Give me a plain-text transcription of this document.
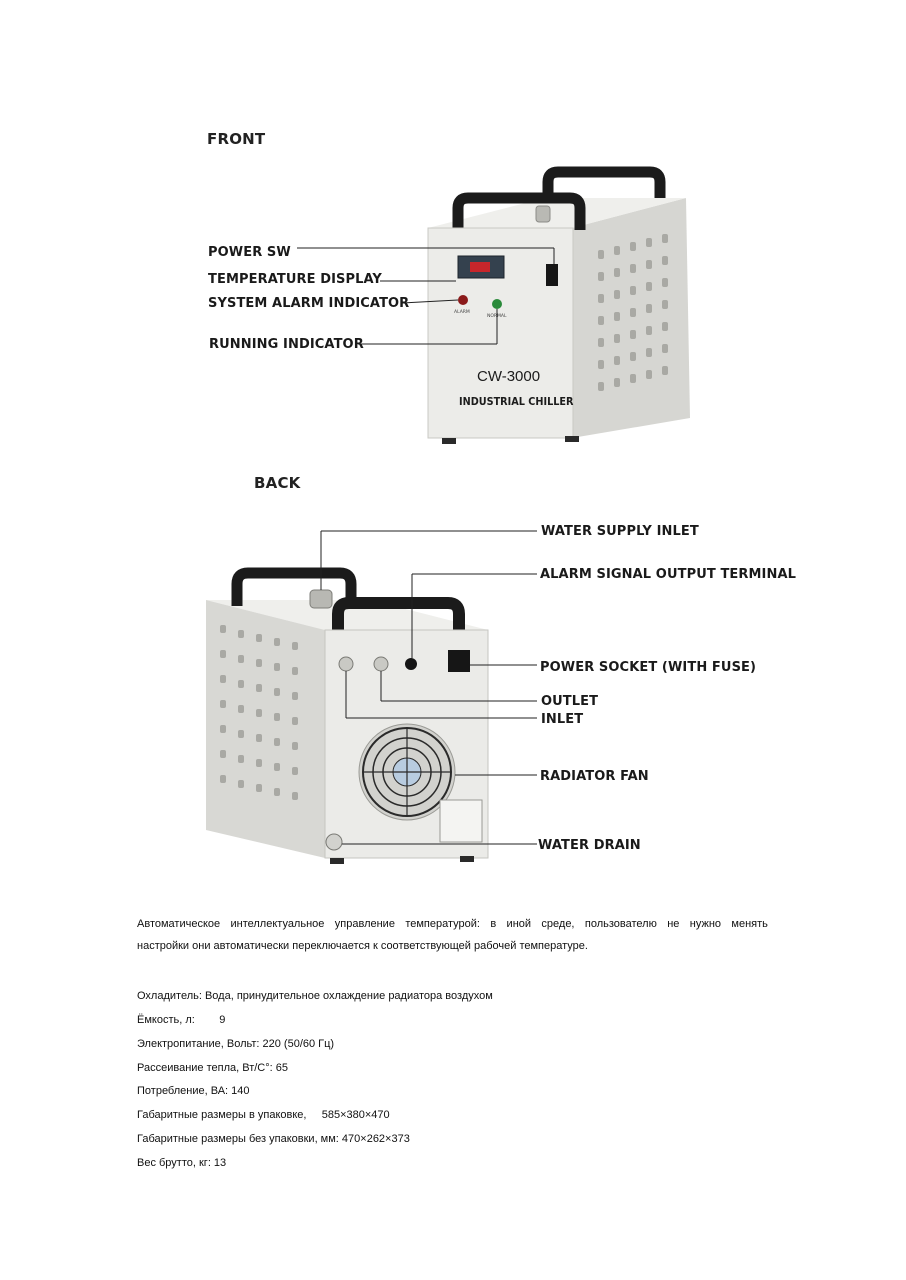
FRONT
ALARM
NORMAL
CW-3000
INDUSTRIAL CHILLER
POWER SW
TEMPERATURE DISPLAY
SYSTEM ALARM INDICATOR
RUNNING INDICATOR
BACK
WATER SUPPLY INLET
ALARM SIGNAL OUTPUT TERMINAL
POWER SOCKET (WITH FUSE)
OUTLET
INLET
RADIATOR FAN
WATER DRAIN
Автоматическое интеллектуальное управление температурой: в иной среде, пользователю не нужно менять
настройки они автоматически переключается к соответствующей рабочей температуре.
Охладитель: Вода, принудительное охлаждение радиатора воздухом
Ёмкость, л:        9
Электропитание, Вольт: 220 (50/60 Гц)
Рассеивание тепла, Вт/С°: 65
Потребление, ВА: 140
Габаритные размеры в упаковке,     585×380×470
Габаритные размеры без упаковки, мм: 470×262×373
Вес брутто, кг: 13
